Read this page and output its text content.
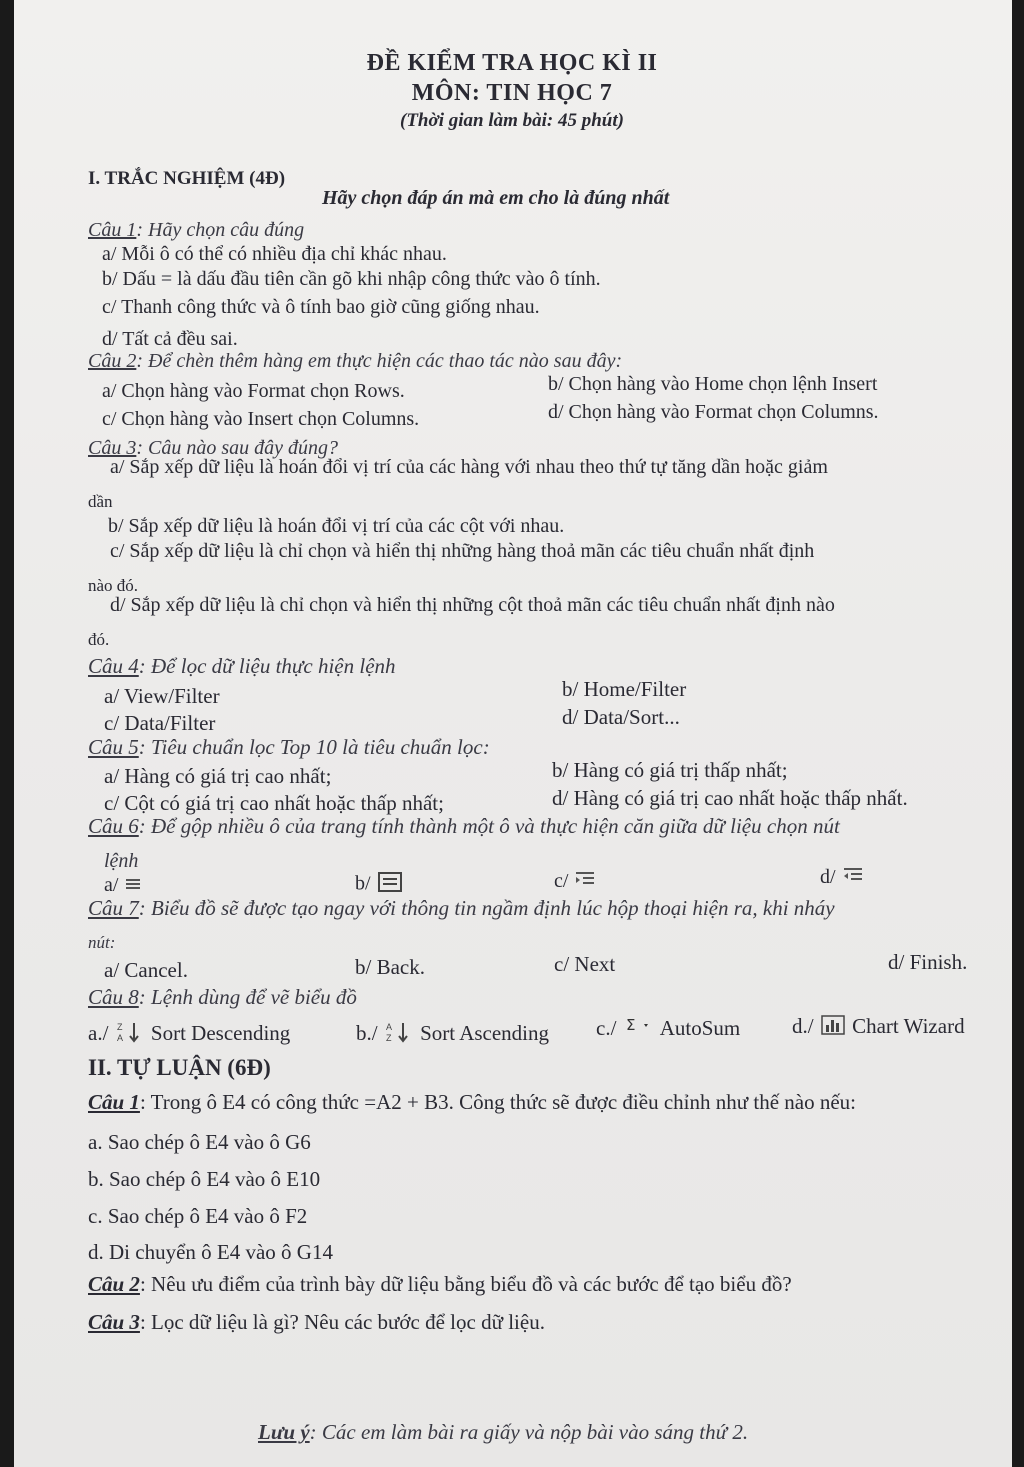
ĐỀ KIỂM TRA HỌC KÌ II
MÔN: TIN HỌC 7
(Thời gian làm bài: 45 phút)
I. TRẮC NGHIỆM (4Đ)
Hãy chọn đáp án mà em cho là đúng nhất
Câu 1: Hãy chọn câu đúng
a/ Mỗi ô có thể có nhiều địa chỉ khác nhau.
b/ Dấu = là dấu đầu tiên cần gõ khi nhập công thức vào ô tính.
c/ Thanh công thức và ô tính bao giờ cũng giống nhau.
d/ Tất cả đều sai.
Câu 2: Để chèn thêm hàng em thực hiện các thao tác nào sau đây:
a/ Chọn hàng vào Format chọn Rows.	b/ Chọn hàng vào Home chọn lệnh Insert
c/ Chọn hàng vào Insert chọn Columns.	d/ Chọn hàng vào Format chọn Columns.
Câu 3: Câu nào sau đây đúng?
a/ Sắp xếp dữ liệu là hoán đổi vị trí của các hàng với nhau theo thứ tự tăng dần hoặc giảm
dần
b/ Sắp xếp dữ liệu là hoán đổi vị trí của các cột với nhau.
c/ Sắp xếp dữ liệu là chỉ chọn và hiển thị những hàng thoả mãn các tiêu chuẩn nhất định
nào đó.
d/ Sắp xếp dữ liệu là chỉ chọn và hiển thị những cột thoả mãn các tiêu chuẩn nhất định nào
đó.
Câu 4: Để lọc dữ liệu thực hiện lệnh
a/ View/Filter	b/ Home/Filter
c/ Data/Filter	d/ Data/Sort...
Câu 5: Tiêu chuẩn lọc Top 10 là tiêu chuẩn lọc:
a/ Hàng có giá trị cao nhất;	b/ Hàng có giá trị thấp nhất;
c/ Cột có giá trị cao nhất hoặc thấp nhất;	d/ Hàng có giá trị cao nhất hoặc thấp nhất.
Câu 6: Để gộp nhiều ô của trang tính thành một ô và thực hiện căn giữa dữ liệu chọn nút
lệnh
a/	b/	c/	d/
Câu 7: Biểu đồ sẽ được tạo ngay với thông tin ngầm định lúc hộp thoại hiện ra, khi nháy
nút:
a/ Cancel.	b/ Back.	c/ Next	d/ Finish.
Câu 8: Lệnh dùng để vẽ biểu đồ
a./ Z
A Sort Descending	b./ A
Z Sort Ascending c./ Σ AutoSum d./ Chart Wizard
II. TỰ LUẬN (6Đ)
Câu 1: Trong ô E4 có công thức =A2 + B3. Công thức sẽ được điều chỉnh như thế nào nếu:
a. Sao chép ô E4 vào ô G6
b. Sao chép ô E4 vào ô E10
c. Sao chép ô E4 vào ô F2
d. Di chuyển ô E4 vào ô G14
Câu 2: Nêu ưu điểm của trình bày dữ liệu bằng biểu đồ và các bước để tạo biểu đồ?
Câu 3: Lọc dữ liệu là gì? Nêu các bước để lọc dữ liệu.
Lưu ý: Các em làm bài ra giấy và nộp bài vào sáng thứ 2.
